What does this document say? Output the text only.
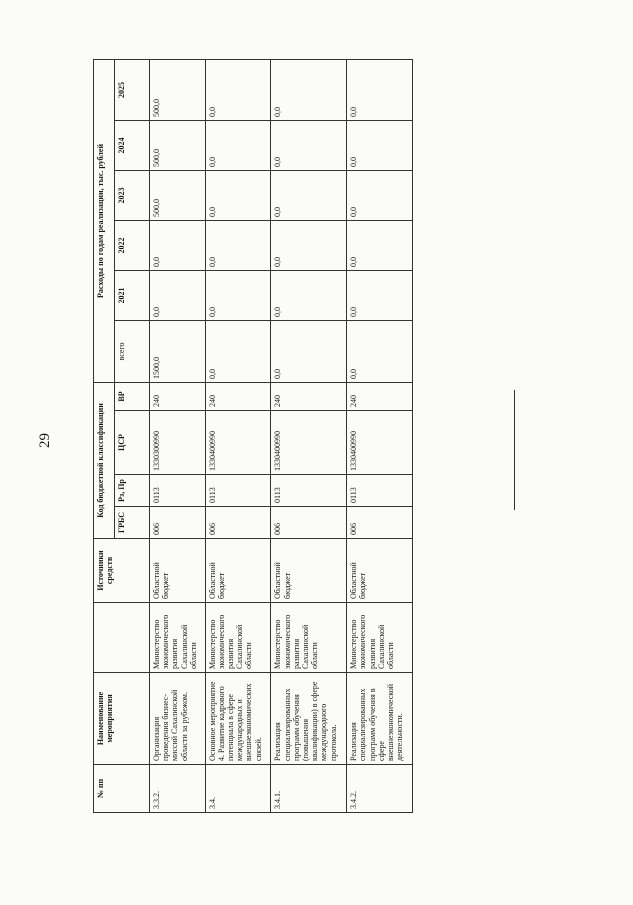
29
№ пп	Наименование мероприятия		Источники средств	Код бюджетной классификации				Расходы по годам реализации, тыс. рублей					
				ГРБС	Рз, Пр	ЦСР	ВР	всего	2021	2022	2023	2024	2025
3.3.2.	Организация проведения бизнес-миссий Сахалинской области за рубежом.	Министерство экономического развития Сахалинской области	Областной бюджет	006	0113	1330300990	240	1500,0	0,0	0,0	500,0	500,0	500,0
3.4.	Основное мероприятие 4. Развитие кадрового потенциала в сфере международных и внешнеэкономических связей.	Министерство экономического развития Сахалинской области	Областной бюджет	006	0113	1330400990	240	0,0	0,0	0,0	0,0	0,0	0,0
3.4.1.	Реализация специализированных программ обучения (повышения квалификации) в сфере международного протокола.	Министерство экономического развития Сахалинской области	Областной бюджет	006	0113	1330400990	240	0,0	0,0	0,0	0,0	0,0	0,0
3.4.2.	Реализация специализированных программ обучения в сфере внешнеэкономической деятельности.	Министерство экономического развития Сахалинской области	Областной бюджет	006	0113	1330400990	240	0,0	0,0	0,0	0,0	0,0	0,0
